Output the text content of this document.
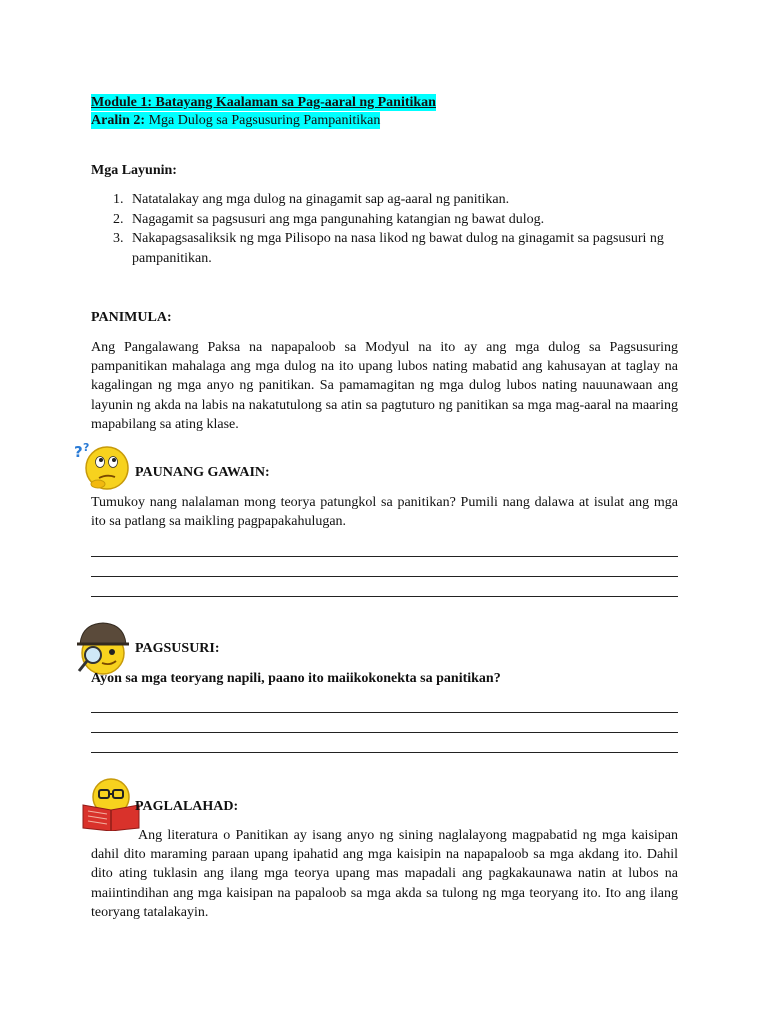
Module 1: Batayang Kaalaman sa Pag-aaral ng Panitikan
Aralin 2: Mga Dulog sa Pagsusuring Pampanitikan
Mga Layunin:
1. Natatalakay ang mga dulog na ginagamit sap ag-aaral ng panitikan.
2. Nagagamit sa pagsusuri ang mga pangunahing katangian ng bawat dulog.
3. Nakapagsasaliksik ng mga Pilisopo na nasa likod ng bawat dulog na ginagamit sa pagsusuri ng pampanitikan.
PANIMULA:

Ang Pangalawang Paksa na napapaloob sa Modyul na ito ay ang mga dulog sa Pagsusuring pampanitikan mahalaga ang mga dulog na ito upang lubos nating mabatid ang kahusayan at taglay na kagalingan ng mga anyo ng panitikan. Sa pamamagitan ng mga dulog lubos nating nauunawaan ang layunin ng akda na labis na nakatutulong sa atin sa pagtuturo ng panitikan sa mga mag-aaral na maaring mapabilang sa ating klase.

? ?
PAUNANG GAWAIN:

Tumukoy nang nalalaman mong teorya patungkol sa panitikan? Pumili nang dalawa at isulat ang mga ito sa patlang sa maikling pagpapakahulugan.

PAGSUSURI:
Ayon sa mga teoryang napili, paano ito maiikokonekta sa panitikan?
PAGLALAHAD:

Ang literatura o Panitikan ay isang anyo ng sining naglalayong magpabatid ng mga kaisipan dahil dito maraming paraan upang ipahatid ang mga kaisipin na napapaloob sa mga akdang ito. Dahil dito ating tuklasin ang ilang mga teorya upang mas mapadali ang pagkakaunawa natin at lubos na maiintindihan ang mga kaisipan na papaloob sa mga akda sa tulong ng mga teoryang ito. Ito ang ilang teoryang tatalakayin.
